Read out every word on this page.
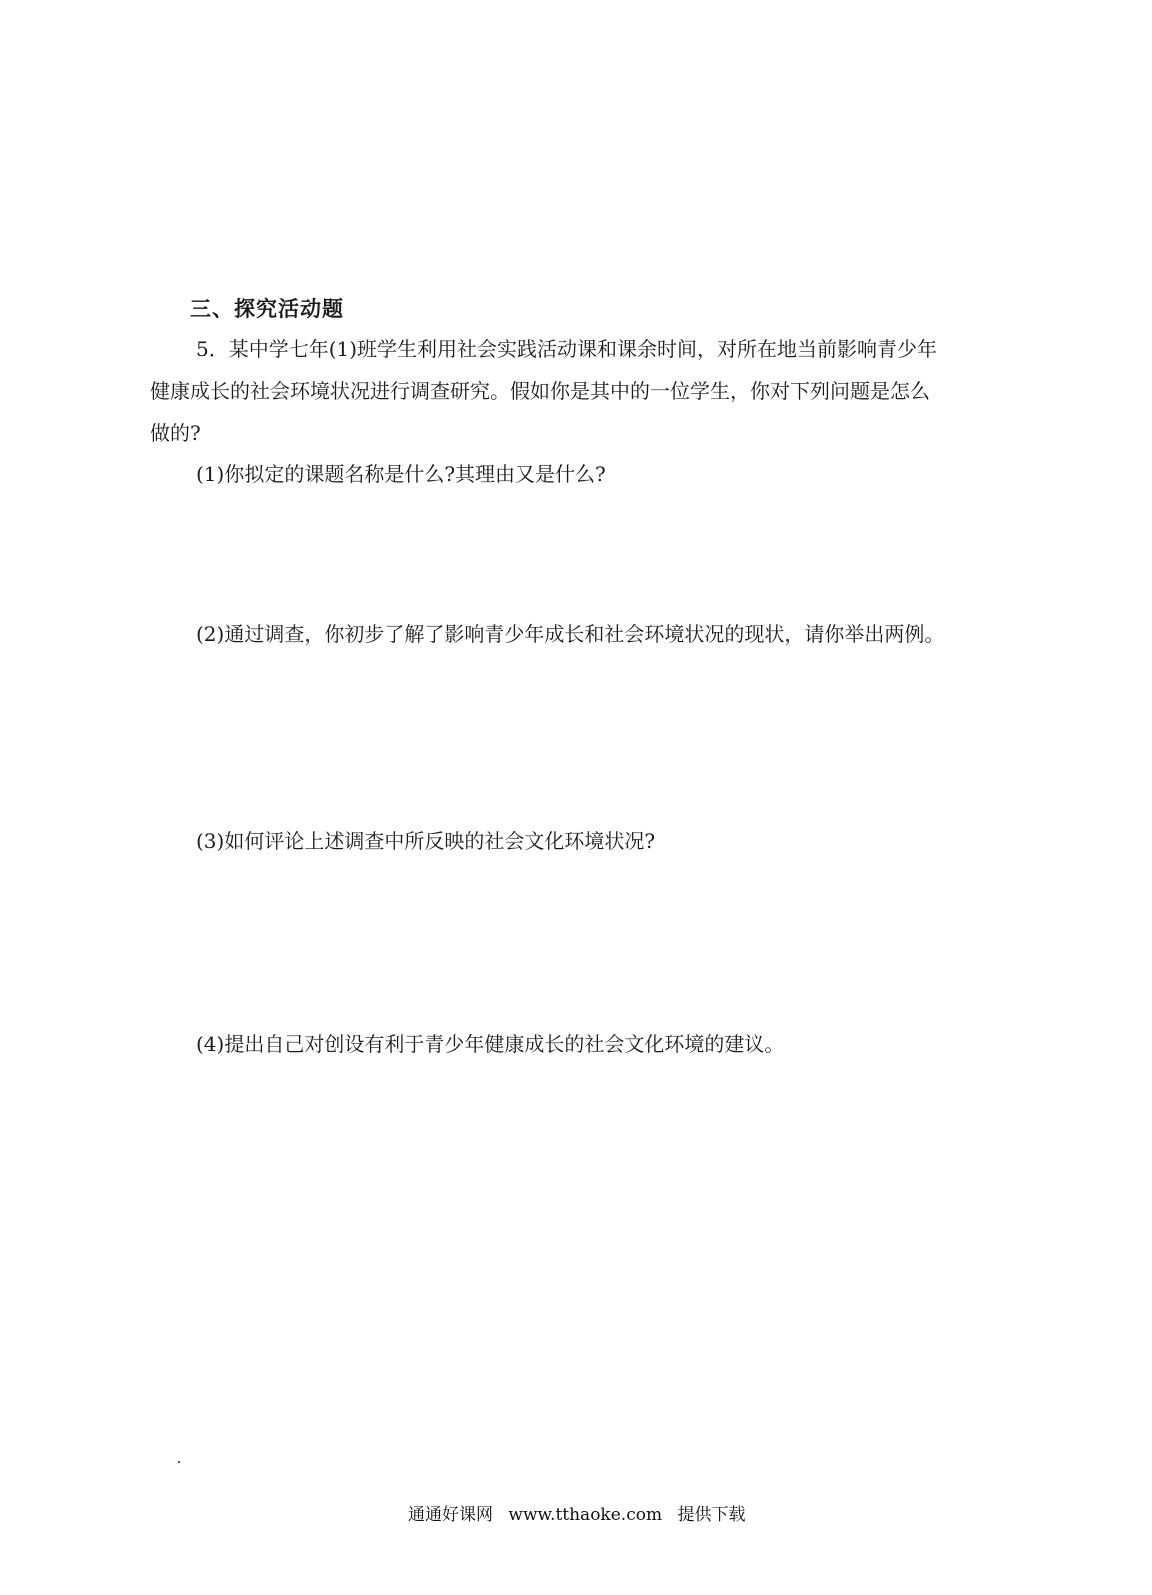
三、探究活动题
5．某中学七年(1)班学生利用社会实践活动课和课余时间，对所在地当前影响青少年
健康成长的社会环境状况进行调查研究。假如你是其中的一位学生，你对下列问题是怎么
做的?
(1)你拟定的课题名称是什么?其理由又是什么?
(2)通过调查，你初步了解了影响青少年成长和社会环境状况的现状，请你举出两例。
(3)如何评论上述调查中所反映的社会文化环境状况?
(4)提出自己对创设有利于青少年健康成长的社会文化环境的建议。
通通好课网 www.tthaoke.com 提供下载
